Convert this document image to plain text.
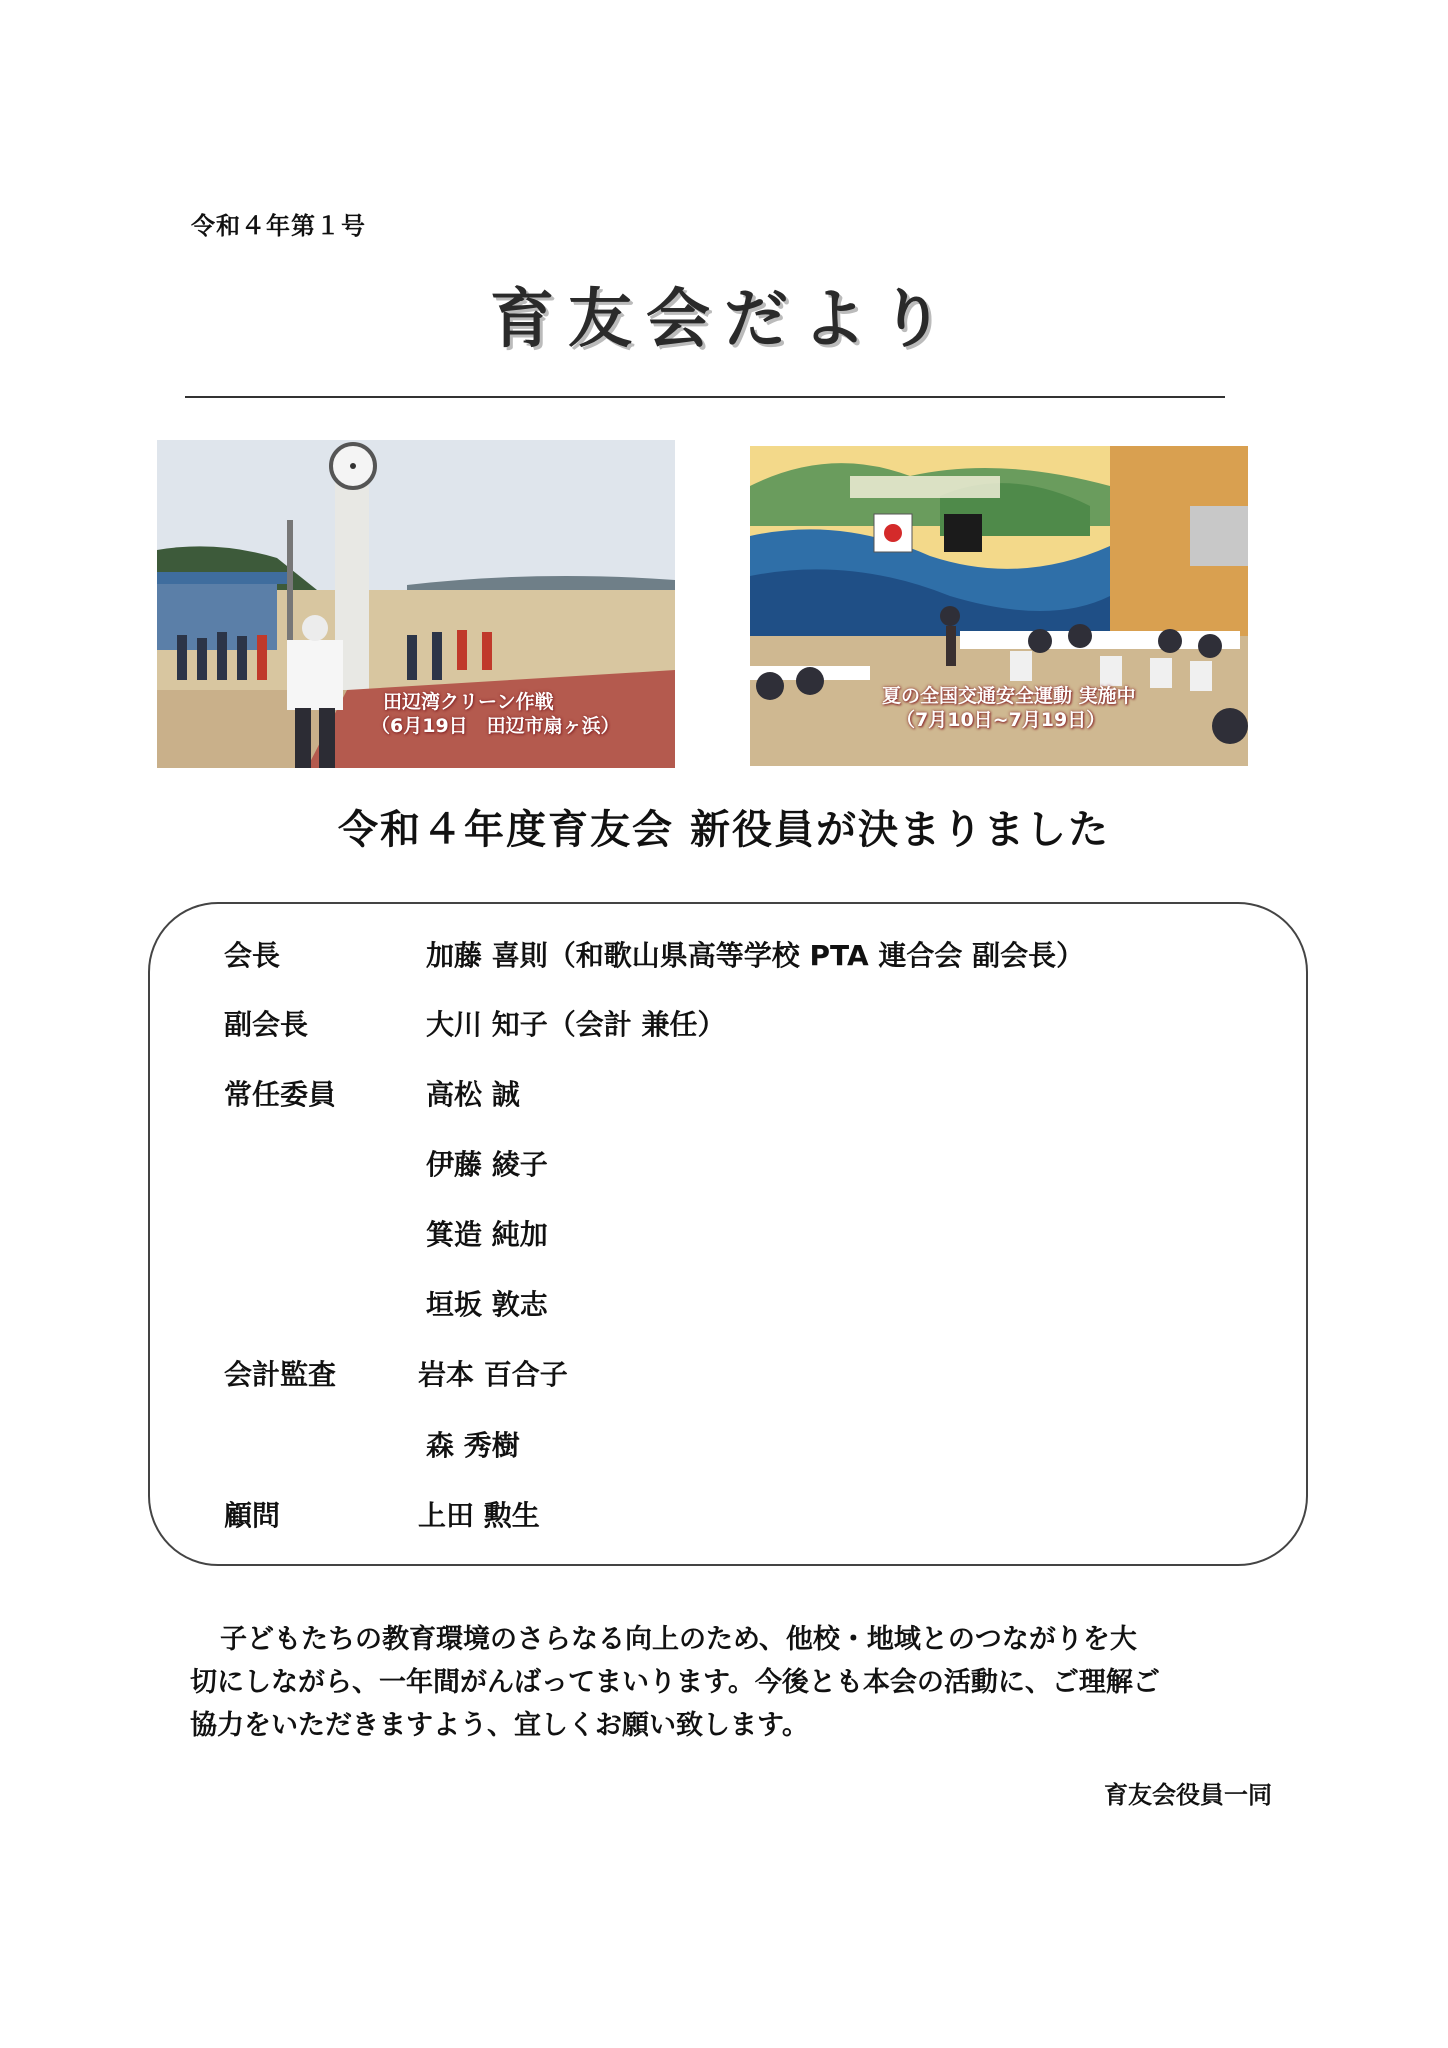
令和４年第１号
育友会だより
田辺湾クリーン作戦
（6月19日　田辺市扇ヶ浜）
夏の全国交通安全運動 実施中
（7月10日~7月19日）
令和４年度育友会 新役員が決まりました
会長	加藤 喜則（和歌山県高等学校 PTA 連合会 副会長）
副会長	大川 知子（会計 兼任）
常任委員	高松 誠
伊藤 綾子
箕造 純加
垣坂 敦志
会計監査	岩本 百合子
森 秀樹
顧問	上田 勲生

子どもたちの教育環境のさらなる向上のため、他校・地域とのつながりを大

切にしながら、一年間がんばってまいります。今後とも本会の活動に、ご理解ご

協力をいただきますよう、宜しくお願い致します。

育友会役員一同
